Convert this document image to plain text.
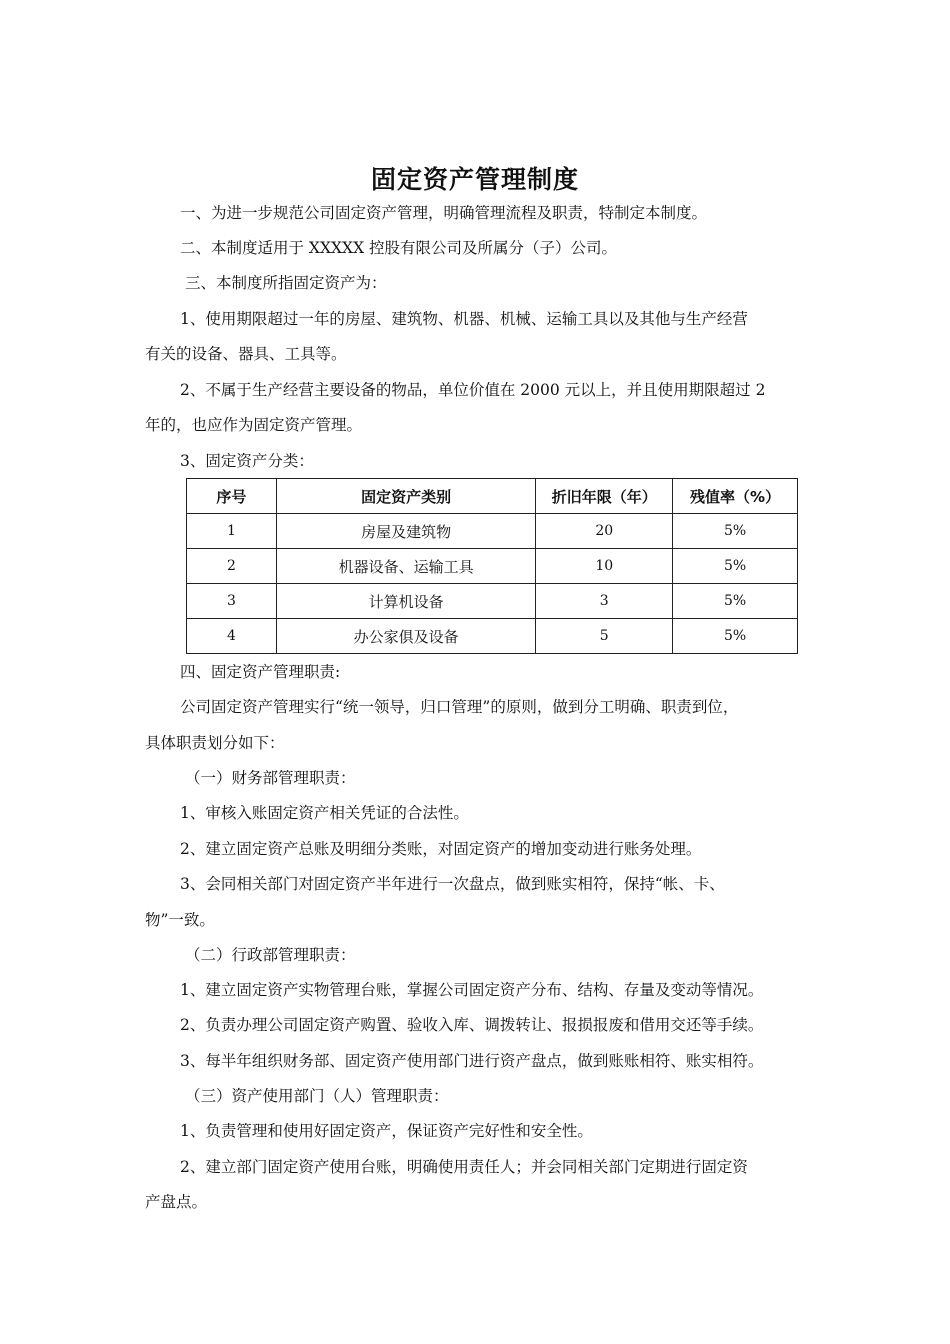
固定资产管理制度
一、为进一步规范公司固定资产管理，明确管理流程及职责，特制定本制度。
二、本制度适用于 XXXXX 控股有限公司及所属分（子）公司。
三、本制度所指固定资产为：
1、使用期限超过一年的房屋、建筑物、机器、机械、运输工具以及其他与生产经营
有关的设备、器具、工具等。
2、不属于生产经营主要设备的物品，单位价值在 2000 元以上，并且使用期限超过 2
年的，也应作为固定资产管理。
3、固定资产分类：
序号	固定资产类别	折旧年限（年）	残值率（%）
1	房屋及建筑物	20	5%
2	机器设备、运输工具	10	5%
3	计算机设备	3	5%
4	办公家俱及设备	5	5%
四、固定资产管理职责:
公司固定资产管理实行“统一领导，归口管理”的原则，做到分工明确、职责到位，
具体职责划分如下：
（一）财务部管理职责：
1、审核入账固定资产相关凭证的合法性。
2、建立固定资产总账及明细分类账，对固定资产的增加变动进行账务处理。
3、会同相关部门对固定资产半年进行一次盘点，做到账实相符，保持“帐、卡、
物”一致。
（二）行政部管理职责：
1、建立固定资产实物管理台账，掌握公司固定资产分布、结构、存量及变动等情况。
2、负责办理公司固定资产购置、验收入库、调拨转让、报损报废和借用交还等手续。
3、每半年组织财务部、固定资产使用部门进行资产盘点，做到账账相符、账实相符。
（三）资产使用部门（人）管理职责：
1、负责管理和使用好固定资产，保证资产完好性和安全性。
2、建立部门固定资产使用台账，明确使用责任人；并会同相关部门定期进行固定资
产盘点。
